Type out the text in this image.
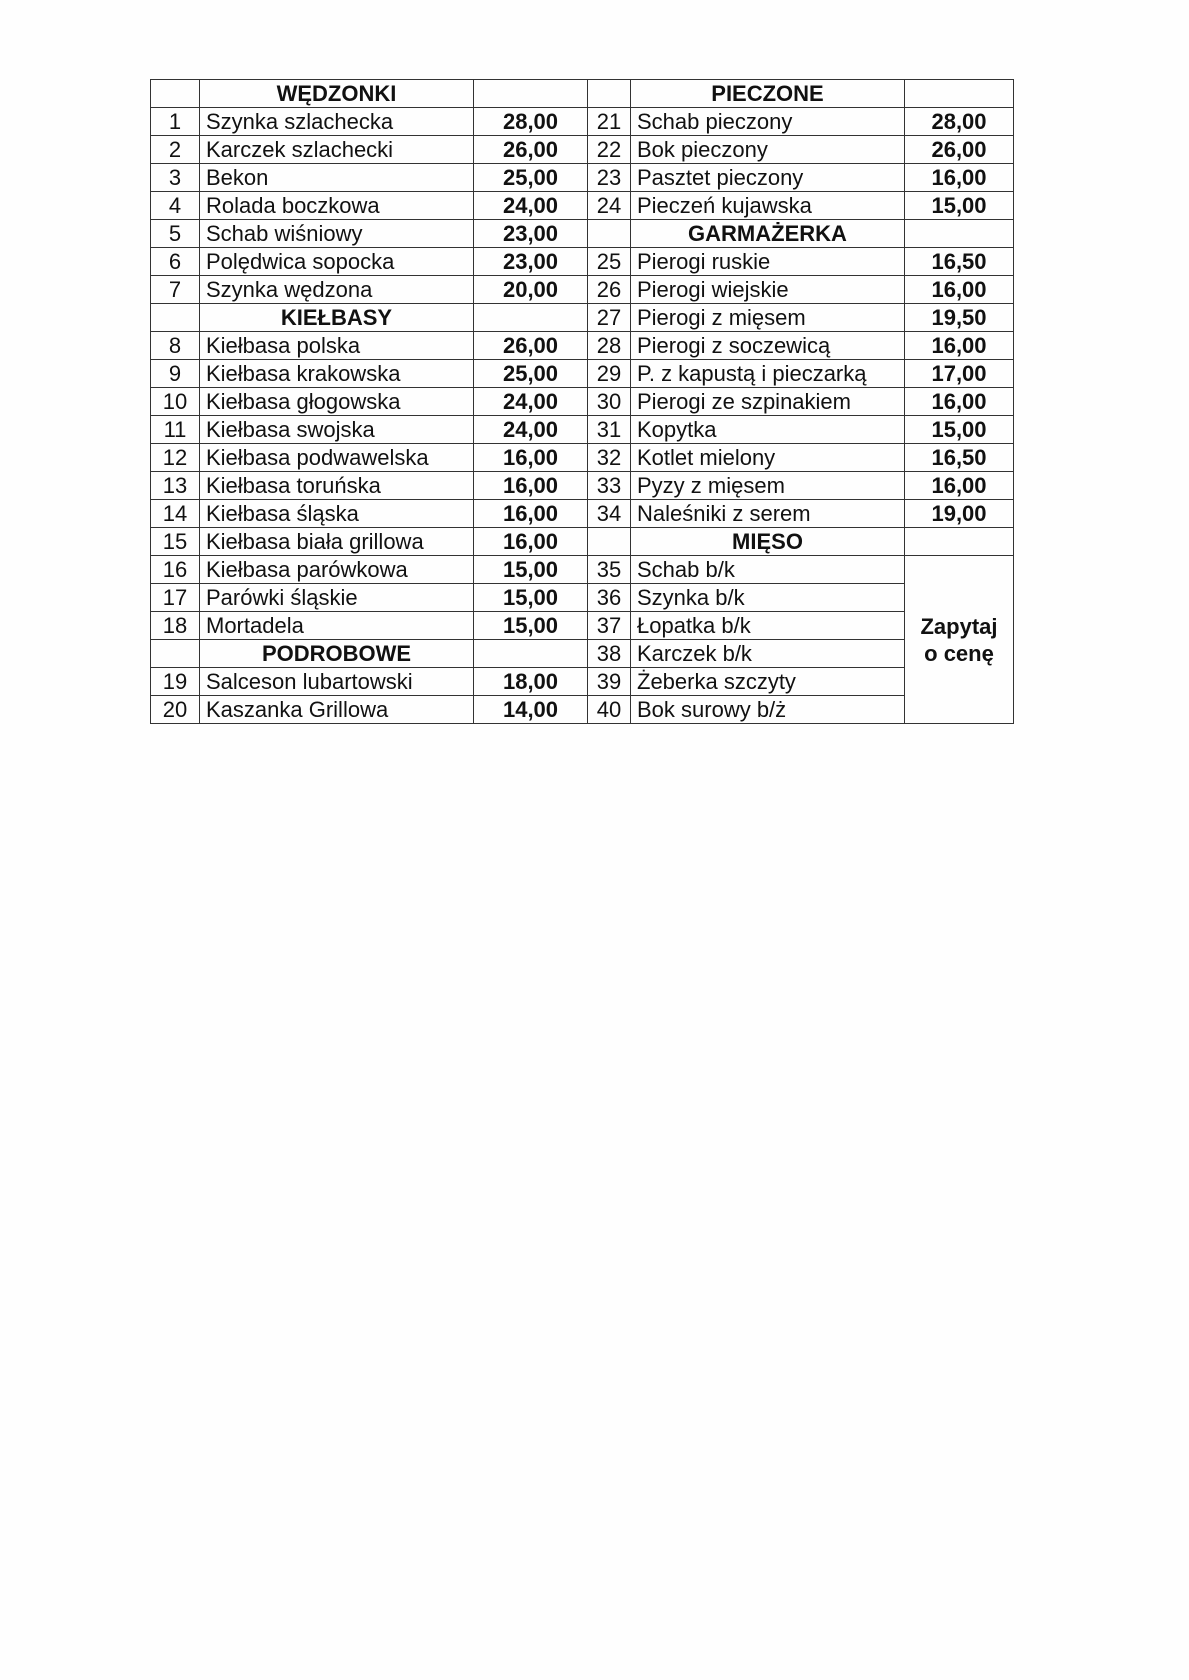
	WĘDZONKI			PIECZONE	
1	Szynka szlachecka	28,00	21	Schab pieczony	28,00
2	Karczek szlachecki	26,00	22	Bok pieczony	26,00
3	Bekon	25,00	23	Pasztet pieczony	16,00
4	Rolada boczkowa	24,00	24	Pieczeń kujawska	15,00
5	Schab wiśniowy	23,00		GARMAŻERKA	
6	Polędwica sopocka	23,00	25	Pierogi ruskie	16,50
7	Szynka wędzona	20,00	26	Pierogi wiejskie	16,00
	KIEŁBASY		27	Pierogi z mięsem	19,50
8	Kiełbasa polska	26,00	28	Pierogi z soczewicą	16,00
9	Kiełbasa krakowska	25,00	29	P. z kapustą i pieczarką	17,00
10	Kiełbasa głogowska	24,00	30	Pierogi ze szpinakiem	16,00
11	Kiełbasa swojska	24,00	31	Kopytka	15,00
12	Kiełbasa podwawelska	16,00	32	Kotlet mielony	16,50
13	Kiełbasa toruńska	16,00	33	Pyzy z mięsem	16,00
14	Kiełbasa śląska	16,00	34	Naleśniki z serem	19,00
15	Kiełbasa biała grillowa	16,00		MIĘSO	
16	Kiełbasa parówkowa	15,00	35	Schab b/k	Zapytaj
o cenę

17	Parówki śląskie	15,00	36	Szynka b/k	
18	Mortadela	15,00	37	Łopatka b/k	
	PODROBOWE		38	Karczek b/k	
19	Salceson lubartowski	18,00	39	Żeberka szczyty	
20	Kaszanka Grillowa	14,00	40	Bok surowy b/ż	
